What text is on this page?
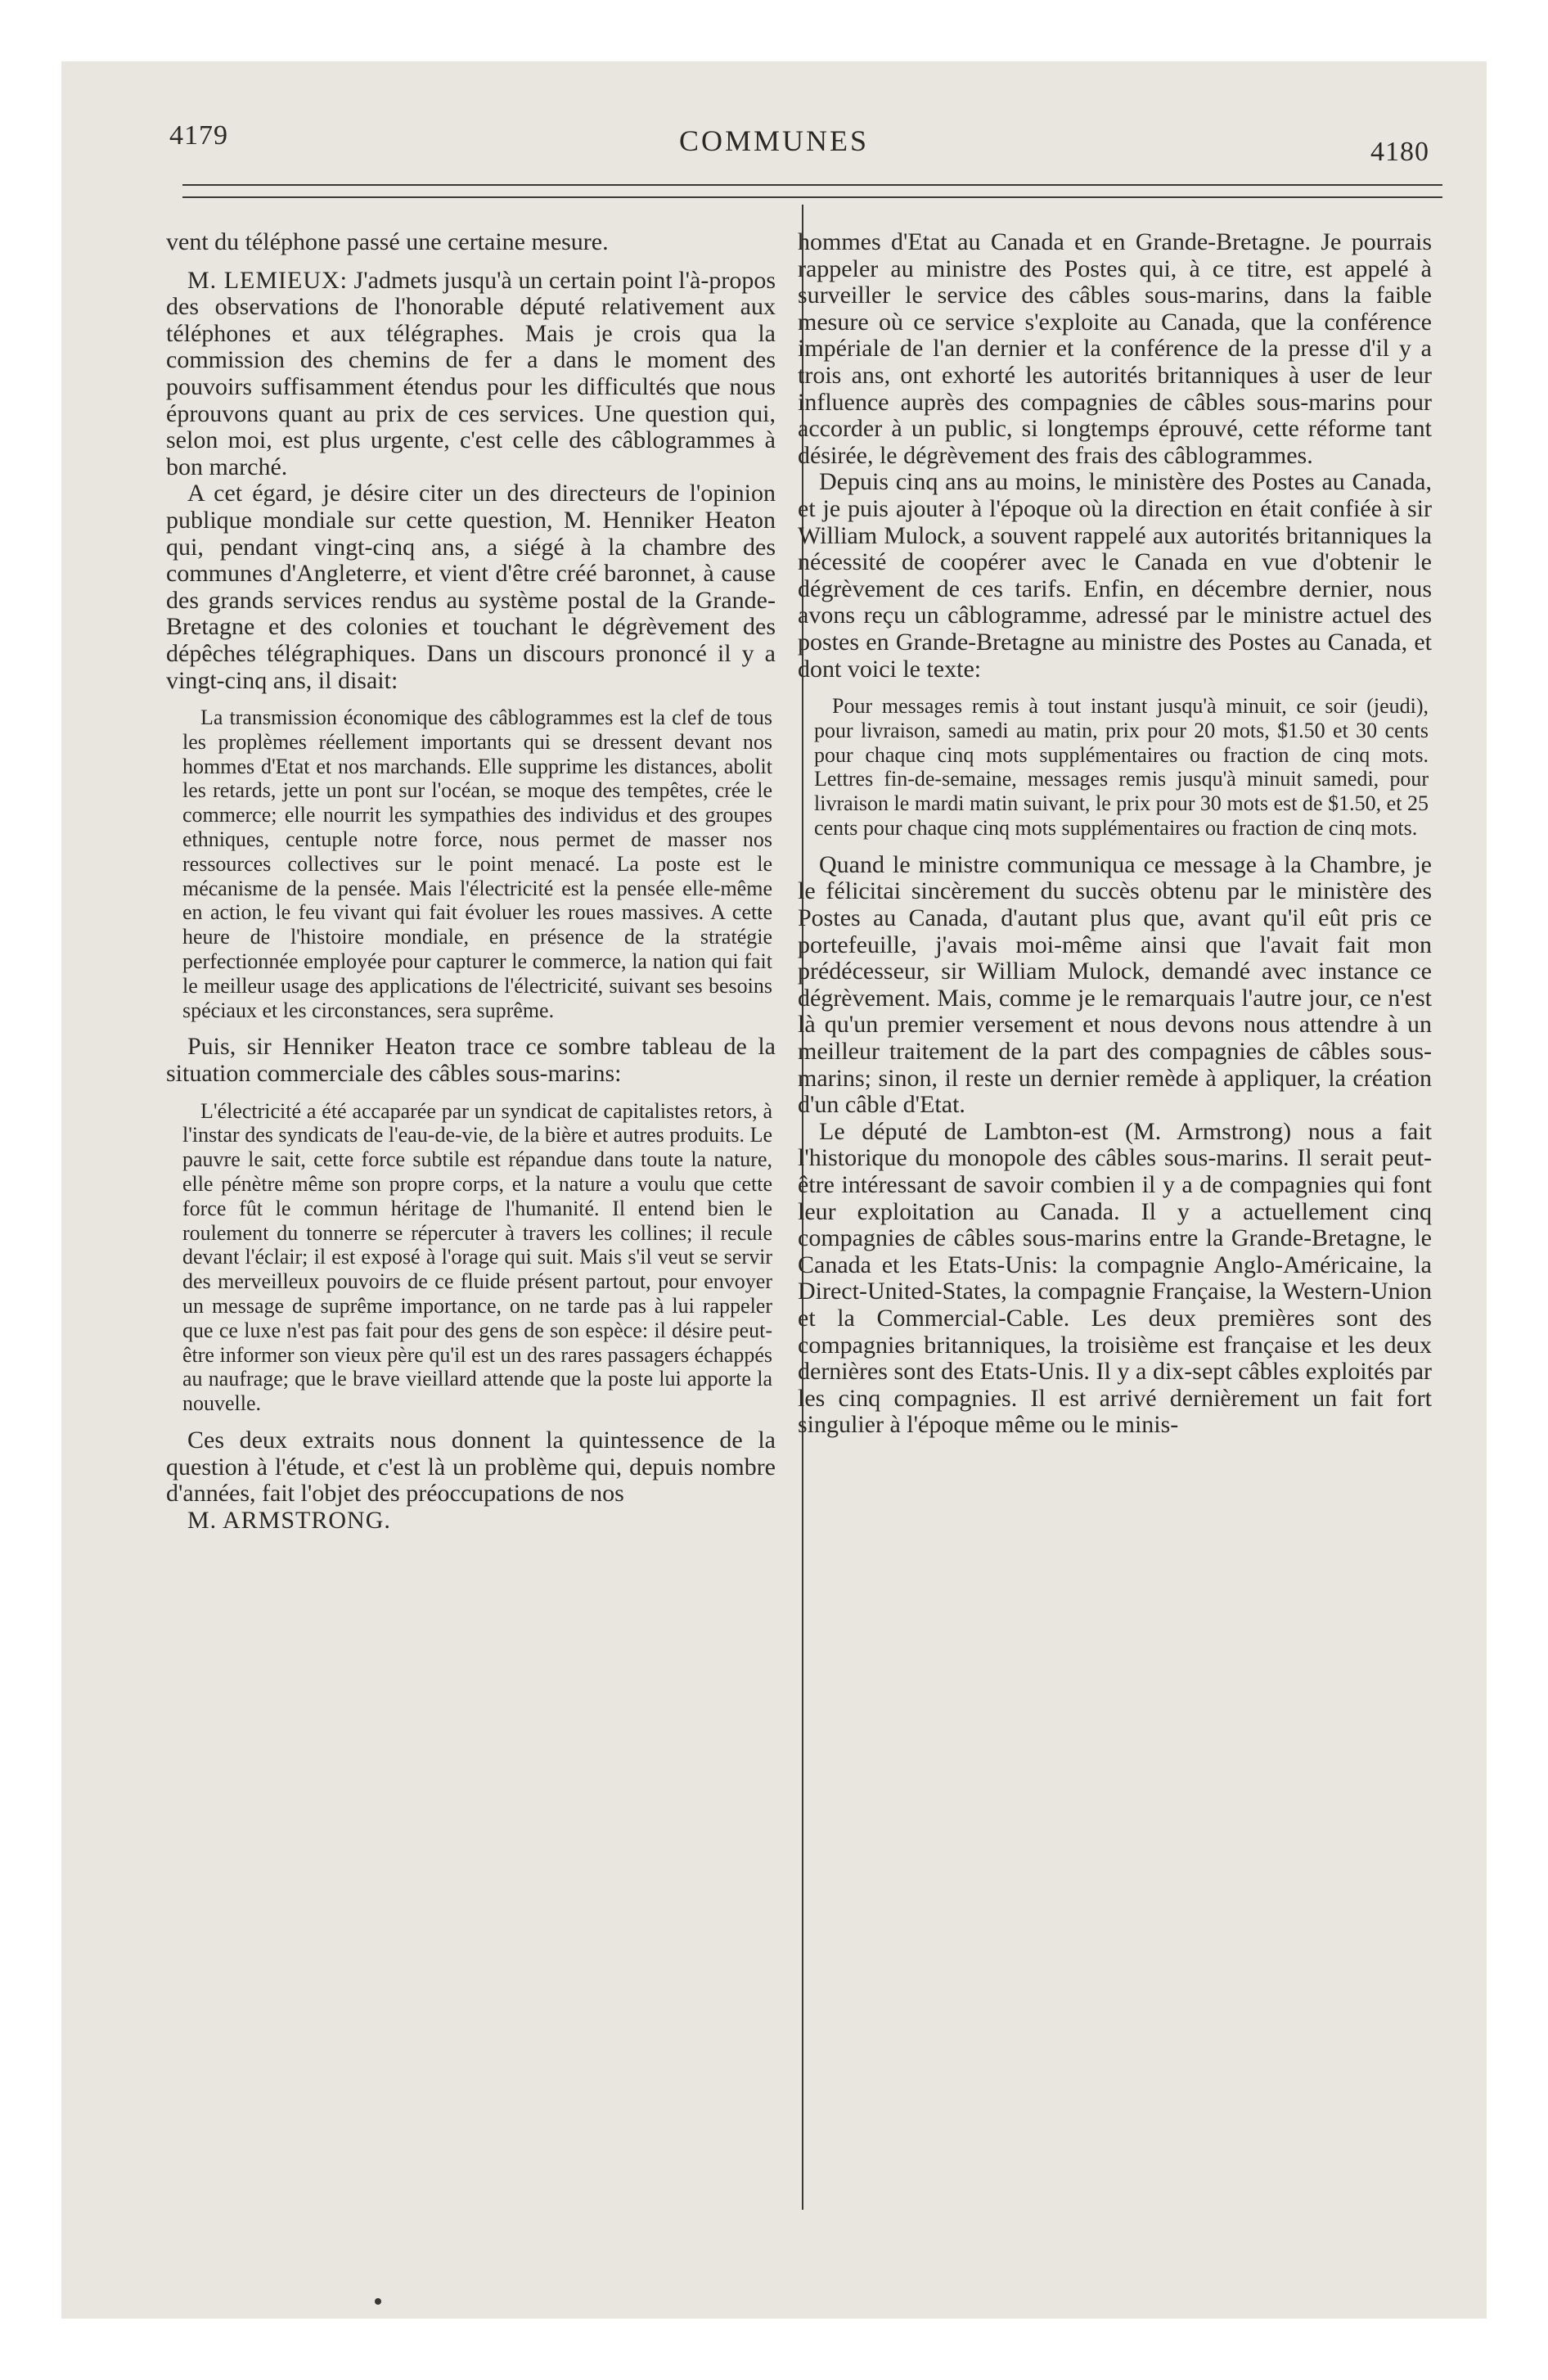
4179	COMMUNES	4180

vent du téléphone passé une certaine mesure.

M. LEMIEUX: J'admets jusqu'à un certain point l'à-propos des observations de l'honorable député relativement aux téléphones et aux télégraphes. Mais je crois qua la commission des chemins de fer a dans le moment des pouvoirs suffisamment étendus pour les difficultés que nous éprouvons quant au prix de ces services. Une question qui, selon moi, est plus urgente, c'est celle des câblogrammes à bon marché.

A cet égard, je désire citer un des directeurs de l'opinion publique mondiale sur cette question, M. Henniker Heaton qui, pendant vingt-cinq ans, a siégé à la chambre des communes d'Angleterre, et vient d'être créé baronnet, à cause des grands services rendus au système postal de la Grande-Bretagne et des colonies et touchant le dégrèvement des dépêches télégraphiques. Dans un discours prononcé il y a vingt-cinq ans, il disait:

La transmission économique des câblogrammes est la clef de tous les proplèmes réellement importants qui se dressent devant nos hommes d'Etat et nos marchands. Elle supprime les distances, abolit les retards, jette un pont sur l'océan, se moque des tempêtes, crée le commerce; elle nourrit les sympathies des individus et des groupes ethniques, centuple notre force, nous permet de masser nos ressources collectives sur le point menacé. La poste est le mécanisme de la pensée. Mais l'électricité est la pensée elle-même en action, le feu vivant qui fait évoluer les roues massives. A cette heure de l'histoire mondiale, en présence de la stratégie perfectionnée employée pour capturer le commerce, la nation qui fait le meilleur usage des applications de l'électricité, suivant ses besoins spéciaux et les circonstances, sera suprême.

Puis, sir Henniker Heaton trace ce sombre tableau de la situation commerciale des câbles sous-marins:

L'électricité a été accaparée par un syndicat de capitalistes retors, à l'instar des syndicats de l'eau-de-vie, de la bière et autres produits. Le pauvre le sait, cette force subtile est répandue dans toute la nature, elle pénètre même son propre corps, et la nature a voulu que cette force fût le commun héritage de l'humanité. Il entend bien le roulement du tonnerre se répercuter à travers les collines; il recule devant l'éclair; il est exposé à l'orage qui suit. Mais s'il veut se servir des merveilleux pouvoirs de ce fluide présent partout, pour envoyer un message de suprême importance, on ne tarde pas à lui rappeler que ce luxe n'est pas fait pour des gens de son espèce: il désire peut-être informer son vieux père qu'il est un des rares passagers échappés au naufrage; que le brave vieillard attende que la poste lui apporte la nouvelle.

Ces deux extraits nous donnent la quintessence de la question à l'étude, et c'est là un problème qui, depuis nombre d'années, fait l'objet des préoccupations de nos

M. ARMSTRONG.

hommes d'Etat au Canada et en Grande-Bretagne. Je pourrais rappeler au ministre des Postes qui, à ce titre, est appelé à surveiller le service des câbles sous-marins, dans la faible mesure où ce service s'exploite au Canada, que la conférence impériale de l'an dernier et la conférence de la presse d'il y a trois ans, ont exhorté les autorités britanniques à user de leur influence auprès des compagnies de câbles sous-marins pour accorder à un public, si longtemps éprouvé, cette réforme tant désirée, le dégrèvement des frais des câblogrammes.

Depuis cinq ans au moins, le ministère des Postes au Canada, et je puis ajouter à l'époque où la direction en était confiée à sir William Mulock, a souvent rappelé aux autorités britanniques la nécessité de coopérer avec le Canada en vue d'obtenir le dégrèvement de ces tarifs. Enfin, en décembre dernier, nous avons reçu un câblogramme, adressé par le ministre actuel des postes en Grande-Bretagne au ministre des Postes au Canada, et dont voici le texte:

Pour messages remis à tout instant jusqu'à minuit, ce soir (jeudi), pour livraison, samedi au matin, prix pour 20 mots, $1.50 et 30 cents pour chaque cinq mots supplémentaires ou fraction de cinq mots. Lettres fin-de-semaine, messages remis jusqu'à minuit samedi, pour livraison le mardi matin suivant, le prix pour 30 mots est de $1.50, et 25 cents pour chaque cinq mots supplémentaires ou fraction de cinq mots.

Quand le ministre communiqua ce message à la Chambre, je le félicitai sincèrement du succès obtenu par le ministère des Postes au Canada, d'autant plus que, avant qu'il eût pris ce portefeuille, j'avais moi-même ainsi que l'avait fait mon prédécesseur, sir William Mulock, demandé avec instance ce dégrèvement. Mais, comme je le remarquais l'autre jour, ce n'est là qu'un premier versement et nous devons nous attendre à un meilleur traitement de la part des compagnies de câbles sous-marins; sinon, il reste un dernier remède à appliquer, la création d'un câble d'Etat.

Le député de Lambton-est (M. Armstrong) nous a fait l'historique du monopole des câbles sous-marins. Il serait peut-être intéressant de savoir combien il y a de compagnies qui font leur exploitation au Canada. Il y a actuellement cinq compagnies de câbles sous-marins entre la Grande-Bretagne, le Canada et les Etats-Unis: la compagnie Anglo-Américaine, la Direct-United-States, la compagnie Française, la Western-Union et la Commercial-Cable. Les deux premières sont des compagnies britanniques, la troisième est française et les deux dernières sont des Etats-Unis. Il y a dix-sept câbles exploités par les cinq compagnies. Il est arrivé dernièrement un fait fort singulier à l'époque même ou le minis-
